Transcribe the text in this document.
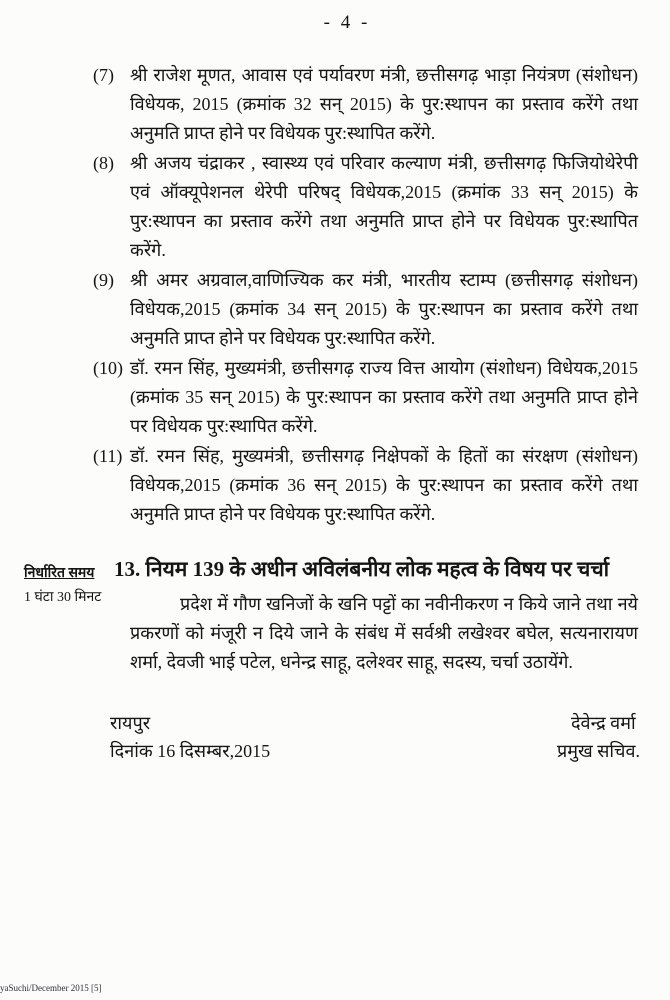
- 4 -
(7) श्री राजेश मूणत, आवास एवं पर्यावरण मंत्री, छत्तीसगढ़ भाड़ा नियंत्रण (संशोधन) विधेयक, 2015 (क्रमांक 32 सन् 2015) के पुर:स्थापन का प्रस्ताव करेंगे तथा अनुमति प्राप्त होने पर विधेयक पुर:स्थापित करेंगे.
(8) श्री अजय चंद्राकर , स्वास्थ्य एवं परिवार कल्याण मंत्री, छत्तीसगढ़ फिजियोथेरेपी एवं ऑक्यूपेशनल थेरेपी परिषद् विधेयक,2015 (क्रमांक 33 सन् 2015) के पुर:स्थापन का प्रस्ताव करेंगे तथा अनुमति प्राप्त होने पर विधेयक पुर:स्थापित करेंगे.
(9) श्री अमर अग्रवाल,वाणिज्यिक कर मंत्री, भारतीय स्टाम्प (छत्तीसगढ़ संशोधन) विधेयक,2015 (क्रमांक 34 सन् 2015) के पुर:स्थापन का प्रस्ताव करेंगे तथा अनुमति प्राप्त होने पर विधेयक पुर:स्थापित करेंगे.
(10) डॉ. रमन सिंह, मुख्यमंत्री, छत्तीसगढ़ राज्य वित्त आयोग (संशोधन) विधेयक,2015 (क्रमांक 35 सन् 2015) के पुर:स्थापन का प्रस्ताव करेंगे तथा अनुमति प्राप्त होने पर विधेयक पुर:स्थापित करेंगे.
(11) डॉ. रमन सिंह, मुख्यमंत्री, छत्तीसगढ़ निक्षेपकों के हितों का संरक्षण (संशोधन) विधेयक,2015 (क्रमांक 36 सन् 2015) के पुर:स्थापन का प्रस्ताव करेंगे तथा अनुमति प्राप्त होने पर विधेयक पुर:स्थापित करेंगे.
निर्धारित समय
1 घंटा 30 मिनट
13. नियम 139 के अधीन अविलंबनीय लोक महत्व के विषय पर चर्चा
प्रदेश में गौण खनिजों के खनि पट्टों का नवीनीकरण न किये जाने तथा नये प्रकरणों को मंजूरी न दिये जाने के संबंध में सर्वश्री लखेश्वर बघेल, सत्यनारायण शर्मा, देवजी भाई पटेल, धनेन्द्र साहू, दलेश्वर साहू, सदस्य, चर्चा उठायेंगे.
रायपुर
दिनांक 16 दिसम्बर,2015
देवेन्द्र वर्मा
प्रमुख सचिव.
yaSuchi/December 2015 [5]
